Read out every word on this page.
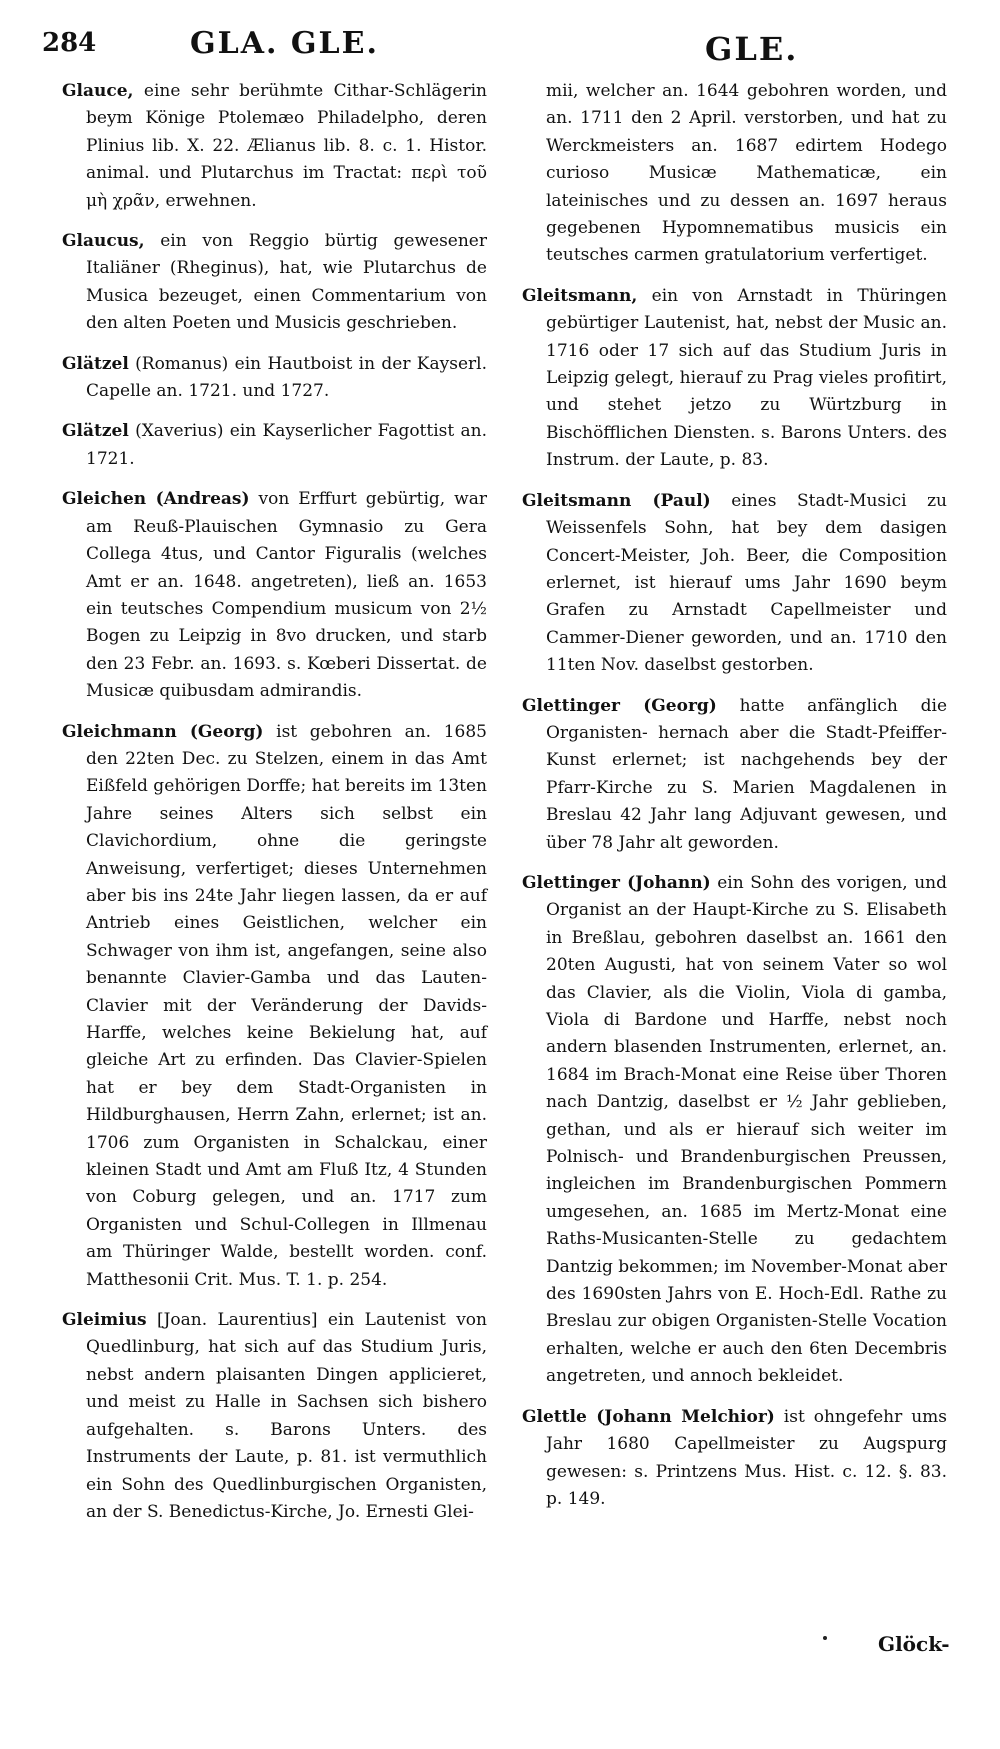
284	GLA. GLE.	GLE.

Glauce, eine sehr berühmte Cithar-Schlägerin beym Könige Ptolemæo Philadelpho, deren Plinius lib. X. 22. Ælianus lib. 8. c. 1. Histor. animal. und Plutarchus im Tractat: περὶ τοῦ μὴ χρᾶν, erwehnen.

Glaucus, ein von Reggio bürtig gewesener Italiäner (Rheginus), hat, wie Plutarchus de Musica bezeuget, einen Commentarium von den alten Poeten und Musicis geschrieben.

Glätzel (Romanus) ein Hautboist in der Kayserl. Capelle an. 1721. und 1727.

Glätzel (Xaverius) ein Kayserlicher Fagottist an. 1721.

Gleichen (Andreas) von Erffurt gebürtig, war am Reuß-Plauischen Gymnasio zu Gera Collega 4tus, und Cantor Figuralis (welches Amt er an. 1648. angetreten), ließ an. 1653 ein teutsches Compendium musicum von 2½ Bogen zu Leipzig in 8vo drucken, und starb den 23 Febr. an. 1693. s. Kœberi Dissertat. de Musicæ quibusdam admirandis.

Gleichmann (Georg) ist gebohren an. 1685 den 22ten Dec. zu Stelzen, einem in das Amt Eißfeld gehörigen Dorffe; hat bereits im 13ten Jahre seines Alters sich selbst ein Clavichordium, ohne die geringste Anweisung, verfertiget; dieses Unternehmen aber bis ins 24te Jahr liegen lassen, da er auf Antrieb eines Geistlichen, welcher ein Schwager von ihm ist, angefangen, seine also benannte Clavier-Gamba und das Lauten-Clavier mit der Veränderung der Davids-Harffe, welches keine Bekielung hat, auf gleiche Art zu erfinden. Das Clavier-Spielen hat er bey dem Stadt-Organisten in Hildburghausen, Herrn Zahn, erlernet; ist an. 1706 zum Organisten in Schalckau, einer kleinen Stadt und Amt am Fluß Itz, 4 Stunden von Coburg gelegen, und an. 1717 zum Organisten und Schul-Collegen in Illmenau am Thüringer Walde, bestellt worden. conf. Matthesonii Crit. Mus. T. 1. p. 254.

Gleimius [Joan. Laurentius] ein Lautenist von Quedlinburg, hat sich auf das Studium Juris, nebst andern plaisanten Dingen applicieret, und meist zu Halle in Sachsen sich bishero aufgehalten. s. Barons Unters. des Instruments der Laute, p. 81. ist vermuthlich ein Sohn des Quedlinburgischen Organisten, an der S. Benedictus-Kirche, Jo. Ernesti Glei-

mii, welcher an. 1644 gebohren worden, und an. 1711 den 2 April. verstorben, und hat zu Werckmeisters an. 1687 edirtem Hodego curioso Musicæ Mathematicæ, ein lateinisches und zu dessen an. 1697 heraus gegebenen Hypomnematibus musicis ein teutsches carmen gratulatorium verfertiget.

Gleitsmann, ein von Arnstadt in Thüringen gebürtiger Lautenist, hat, nebst der Music an. 1716 oder 17 sich auf das Studium Juris in Leipzig gelegt, hierauf zu Prag vieles profitirt, und stehet jetzo zu Würtzburg in Bischöfflichen Diensten. s. Barons Unters. des Instrum. der Laute, p. 83.

Gleitsmann (Paul) eines Stadt-Musici zu Weissenfels Sohn, hat bey dem dasigen Concert-Meister, Joh. Beer, die Composition erlernet, ist hierauf ums Jahr 1690 beym Grafen zu Arnstadt Capellmeister und Cammer-Diener geworden, und an. 1710 den 11ten Nov. daselbst gestorben.

Glettinger (Georg) hatte anfänglich die Organisten- hernach aber die Stadt-Pfeiffer-Kunst erlernet; ist nachgehends bey der Pfarr-Kirche zu S. Marien Magdalenen in Breslau 42 Jahr lang Adjuvant gewesen, und über 78 Jahr alt geworden.

Glettinger (Johann) ein Sohn des vorigen, und Organist an der Haupt-Kirche zu S. Elisabeth in Breßlau, gebohren daselbst an. 1661 den 20ten Augusti, hat von seinem Vater so wol das Clavier, als die Violin, Viola di gamba, Viola di Bardone und Harffe, nebst noch andern blasenden Instrumenten, erlernet, an. 1684 im Brach-Monat eine Reise über Thoren nach Dantzig, daselbst er ½ Jahr geblieben, gethan, und als er hierauf sich weiter im Polnisch- und Brandenburgischen Preussen, ingleichen im Brandenburgischen Pommern umgesehen, an. 1685 im Mertz-Monat eine Raths-Musicanten-Stelle zu gedachtem Dantzig bekommen; im November-Monat aber des 1690sten Jahrs von E. Hoch-Edl. Rathe zu Breslau zur obigen Organisten-Stelle Vocation erhalten, welche er auch den 6ten Decembris angetreten, und annoch bekleidet.

Glettle (Johann Melchior) ist ohngefehr ums Jahr 1680 Capellmeister zu Augspurg gewesen: s. Printzens Mus. Hist. c. 12. §. 83. p. 149.

Glöck-
